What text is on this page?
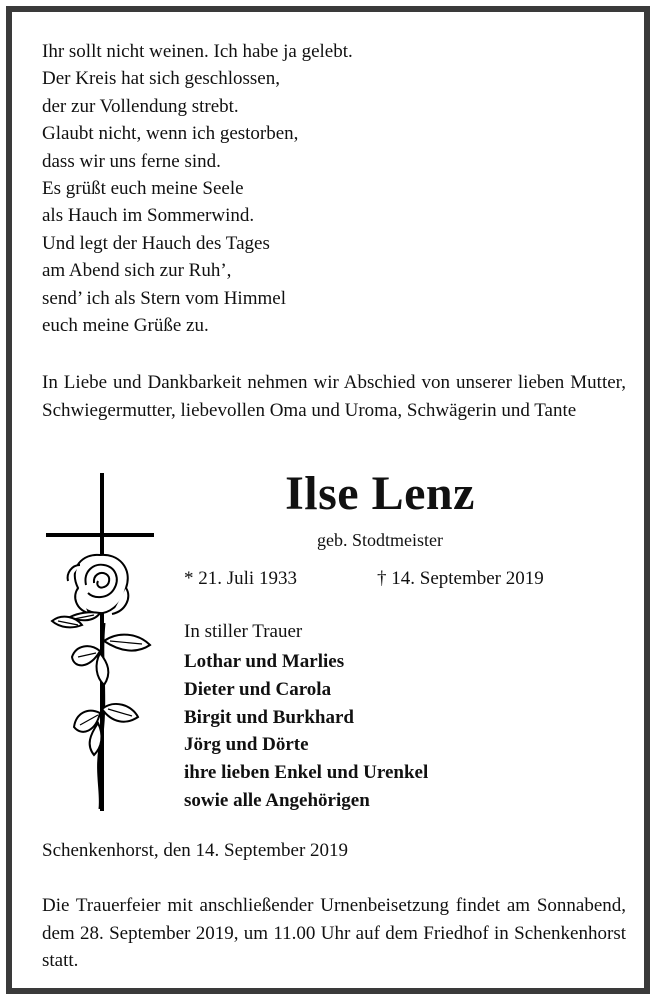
Ihr sollt nicht weinen. Ich habe ja gelebt.
Der Kreis hat sich geschlossen,
der zur Vollendung strebt.
Glaubt nicht, wenn ich gestorben,
dass wir uns ferne sind.
Es grüßt euch meine Seele
als Hauch im Sommerwind.
Und legt der Hauch des Tages
am Abend sich zur Ruh’,
send’ ich als Stern vom Himmel
euch meine Grüße zu.
In Liebe und Dankbarkeit nehmen wir Abschied von unserer lieben Mutter, Schwiegermutter, liebevollen Oma und Uroma, Schwägerin und Tante
Ilse Lenz
geb. Stodtmeister
* 21. Juli 1933	† 14. September 2019
In stiller Trauer
Lothar und Marlies
Dieter und Carola
Birgit und Burkhard
Jörg und Dörte
ihre lieben Enkel und Urenkel
sowie alle Angehörigen
Schenkenhorst, den 14. September 2019
Die Trauerfeier mit anschließender Urnenbeisetzung findet am Sonnabend, dem 28. September 2019, um 11.00 Uhr auf dem Friedhof in Schenkenhorst statt.
